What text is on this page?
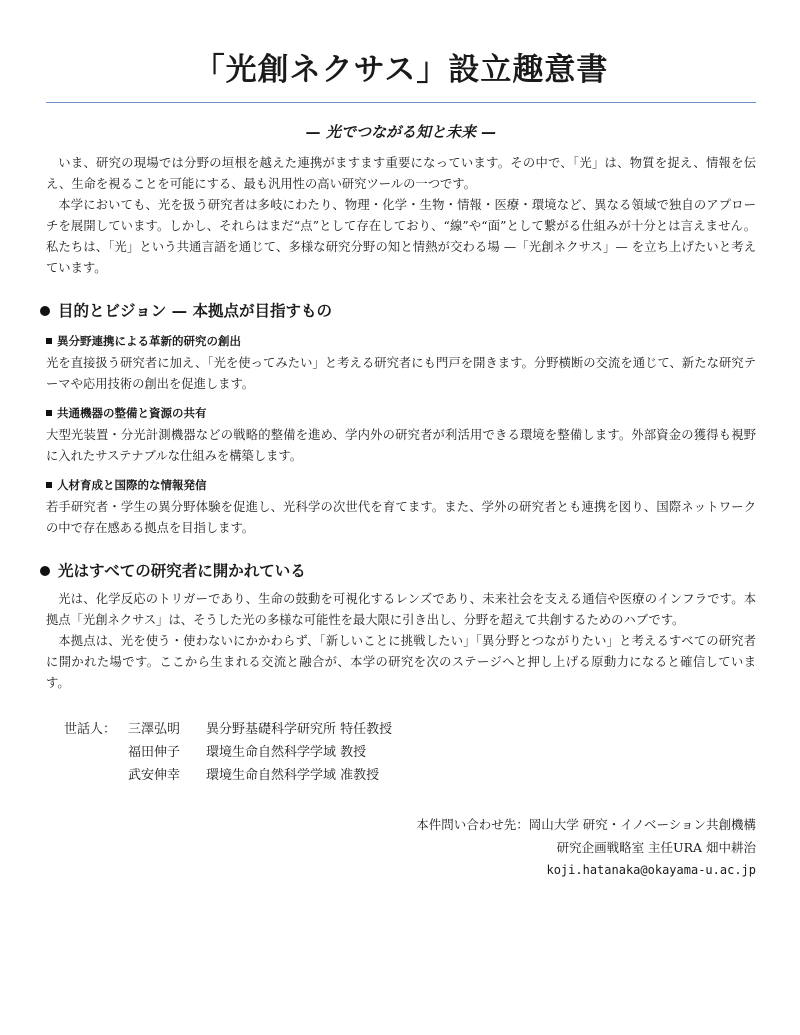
「光創ネクサス」設立趣意書
— 光でつながる知と未来 —

いま、研究の現場では分野の垣根を越えた連携がますます重要になっています。その中で、「光」は、物質を捉え、情報を伝え、生命を視ることを可能にする、最も汎用性の高い研究ツールの一つです。

本学においても、光を扱う研究者は多岐にわたり、物理・化学・生物・情報・医療・環境など、異なる領域で独自のアプローチを展開しています。しかし、それらはまだ“点”として存在しており、“線”や“面”として繋がる仕組みが十分とは言えません。私たちは、「光」という共通言語を通じて、多様な研究分野の知と情熱が交わる場 —「光創ネクサス」— を立ち上げたいと考えています。

目的とビジョン — 本拠点が目指すもの
異分野連携による革新的研究の創出

光を直接扱う研究者に加え、「光を使ってみたい」と考える研究者にも門戸を開きます。分野横断の交流を通じて、新たな研究テーマや応用技術の創出を促進します。

共通機器の整備と資源の共有

大型光装置・分光計測機器などの戦略的整備を進め、学内外の研究者が利活用できる環境を整備します。外部資金の獲得も視野に入れたサステナブルな仕組みを構築します。

人材育成と国際的な情報発信

若手研究者・学生の異分野体験を促進し、光科学の次世代を育てます。また、学外の研究者とも連携を図り、国際ネットワークの中で存在感ある拠点を目指します。

光はすべての研究者に開かれている

光は、化学反応のトリガーであり、生命の鼓動を可視化するレンズであり、未来社会を支える通信や医療のインフラです。本拠点「光創ネクサス」は、そうした光の多様な可能性を最大限に引き出し、分野を超えて共創するためのハブです。

本拠点は、光を使う・使わないにかかわらず、「新しいことに挑戦したい」「異分野とつながりたい」と考えるすべての研究者に開かれた場です。ここから生まれる交流と融合が、本学の研究を次のステージへと押し上げる原動力になると確信しています。

世話人： 三澤弘明	異分野基礎科学研究所 特任教授
福田伸子	環境生命自然科学学域 教授
武安伸幸	環境生命自然科学学域 准教授
本件問い合わせ先：岡山大学 研究・イノベーション共創機構
研究企画戦略室 主任URA 畑中耕治
koji.hatanaka@okayama-u.ac.jp
